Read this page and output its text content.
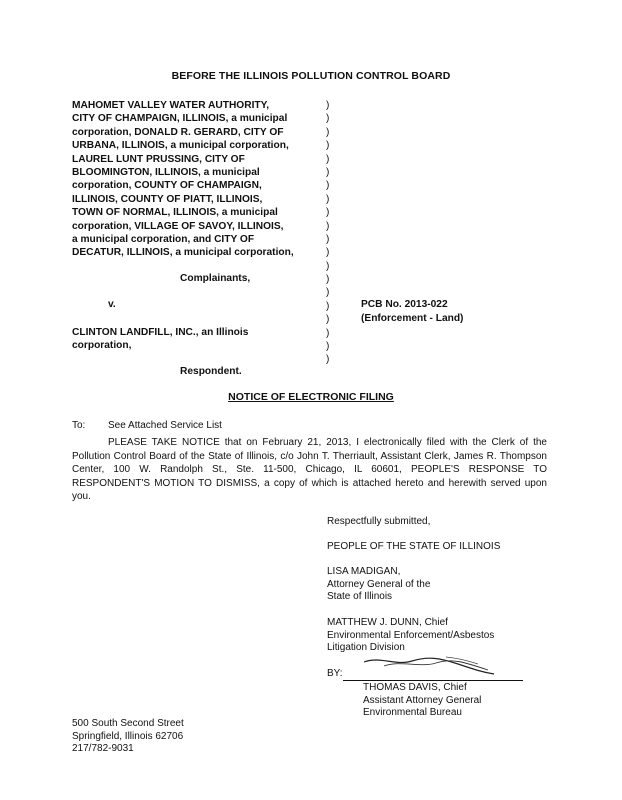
BEFORE THE ILLINOIS POLLUTION CONTROL BOARD
MAHOMET VALLEY WATER AUTHORITY,
CITY OF CHAMPAIGN, ILLINOIS, a municipal
corporation, DONALD R. GERARD, CITY OF
URBANA, ILLINOIS, a municipal corporation,
LAUREL LUNT PRUSSING, CITY OF
BLOOMINGTON, ILLINOIS, a municipal
corporation, COUNTY OF CHAMPAIGN,
ILLINOIS, COUNTY OF PIATT, ILLINOIS,
TOWN OF NORMAL, ILLINOIS, a municipal
corporation, VILLAGE OF SAVOY, ILLINOIS,
a municipal corporation, and CITY OF
DECATUR, ILLINOIS, a municipal corporation,
)
)
)
)
)
)
)
)
)
)
)
)
)
)
)
)
)
)
)
)
Complainants,
v.	PCB No. 2013-022
(Enforcement - Land)
CLINTON LANDFILL, INC., an Illinois
corporation,
Respondent.
NOTICE OF ELECTRONIC FILING
To: See Attached Service List
PLEASE TAKE NOTICE that on February 21, 2013, I electronically filed with the Clerk of the Pollution Control Board of the State of Illinois, c/o John T. Therriault, Assistant Clerk, James R. Thompson Center, 100 W. Randolph St., Ste. 11-500, Chicago, IL 60601, PEOPLE'S RESPONSE TO RESPONDENT'S MOTION TO DISMISS, a copy of which is attached hereto and herewith served upon you.
Respectfully submitted,
PEOPLE OF THE STATE OF ILLINOIS
LISA MADIGAN,
Attorney General of the
State of Illinois
MATTHEW J. DUNN, Chief
Environmental Enforcement/Asbestos
Litigation Division
BY:
THOMAS DAVIS, Chief
Assistant Attorney General
Environmental Bureau
500 South Second Street
Springfield, Illinois 62706
217/782-9031
